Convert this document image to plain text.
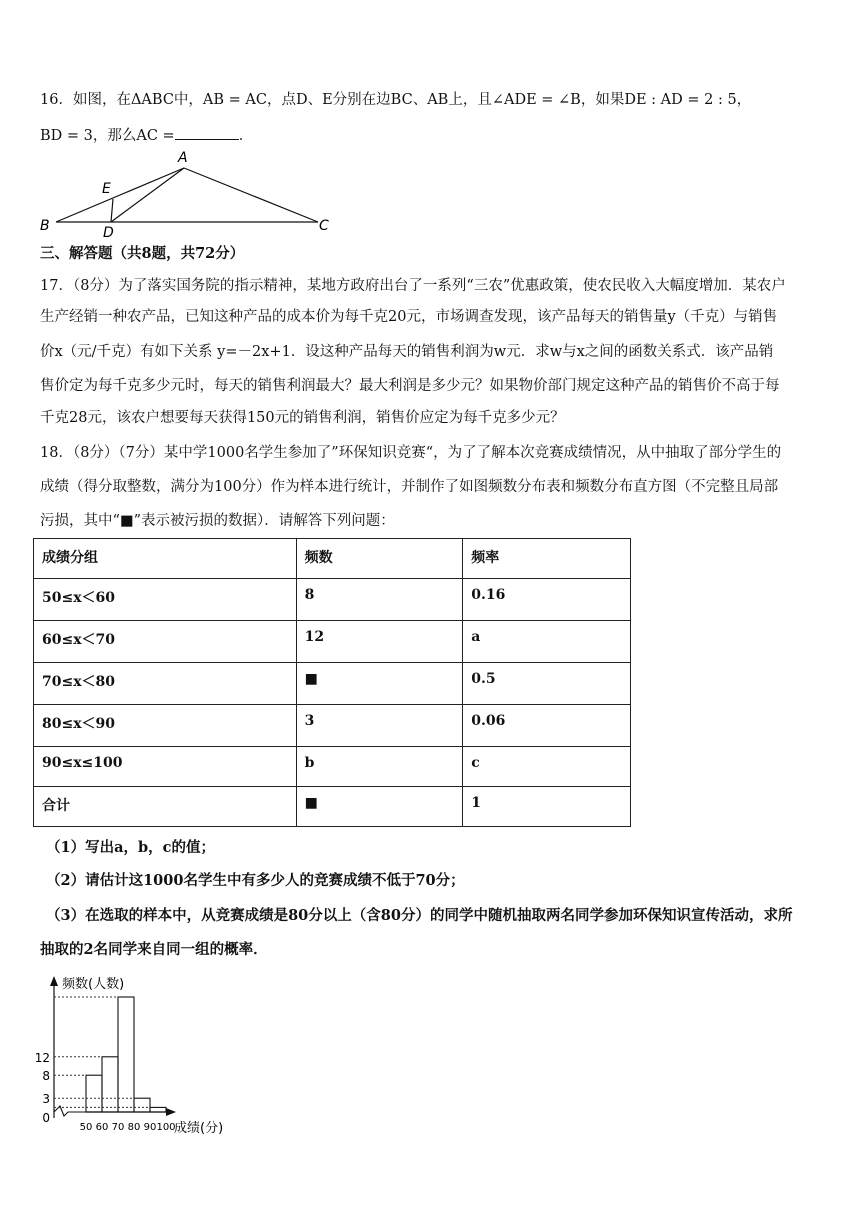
16．如图，在ΔABC中，AB = AC，点D、E分别在边BC、AB上，且∠ADE = ∠B，如果DE : AD = 2 : 5，
BD = 3，那么AC =	．
A
B	C
D
E
三、解答题（共8题，共72分）
17．（8分）为了落实国务院的指示精神，某地方政府出台了一系列“三农”优惠政策，使农民收入大幅度增加．某农户
生产经销一种农产品，已知这种产品的成本价为每千克20元，市场调查发现，该产品每天的销售量y（千克）与销售
价x（元/千克）有如下关系 y=－2x+1．设这种产品每天的销售利润为w元．求w与x之间的函数关系式．该产品销
售价定为每千克多少元时，每天的销售利润最大？最大利润是多少元？如果物价部门规定这种产品的销售价不高于每
千克28元，该农户想要每天获得150元的销售利润，销售价应定为每千克多少元？
18．（8分）（7分）某中学1000名学生参加了”环保知识竞赛“，为了了解本次竞赛成绩情况，从中抽取了部分学生的
成绩（得分取整数，满分为100分）作为样本进行统计，并制作了如图频数分布表和频数分布直方图（不完整且局部
污损，其中“■”表示被污损的数据）．请解答下列问题：
成绩分组	频数	频率
50≤x＜60	8	0.16
60≤x＜70	12	a
70≤x＜80	■	0.5
80≤x＜90	3	0.06
90≤x≤100	b	c
合计	■	1
（1）写出a，b，c的值；
（2）请估计这1000名学生中有多少人的竞赛成绩不低于70分；
（3）在选取的样本中，从竞赛成绩是80分以上（含80分）的同学中随机抽取两名同学参加环保知识宣传活动，求所
抽取的2名同学来自同一组的概率．
0
3
8
12
50 60 70 80 90 100
频数(人数)
成绩(分)
